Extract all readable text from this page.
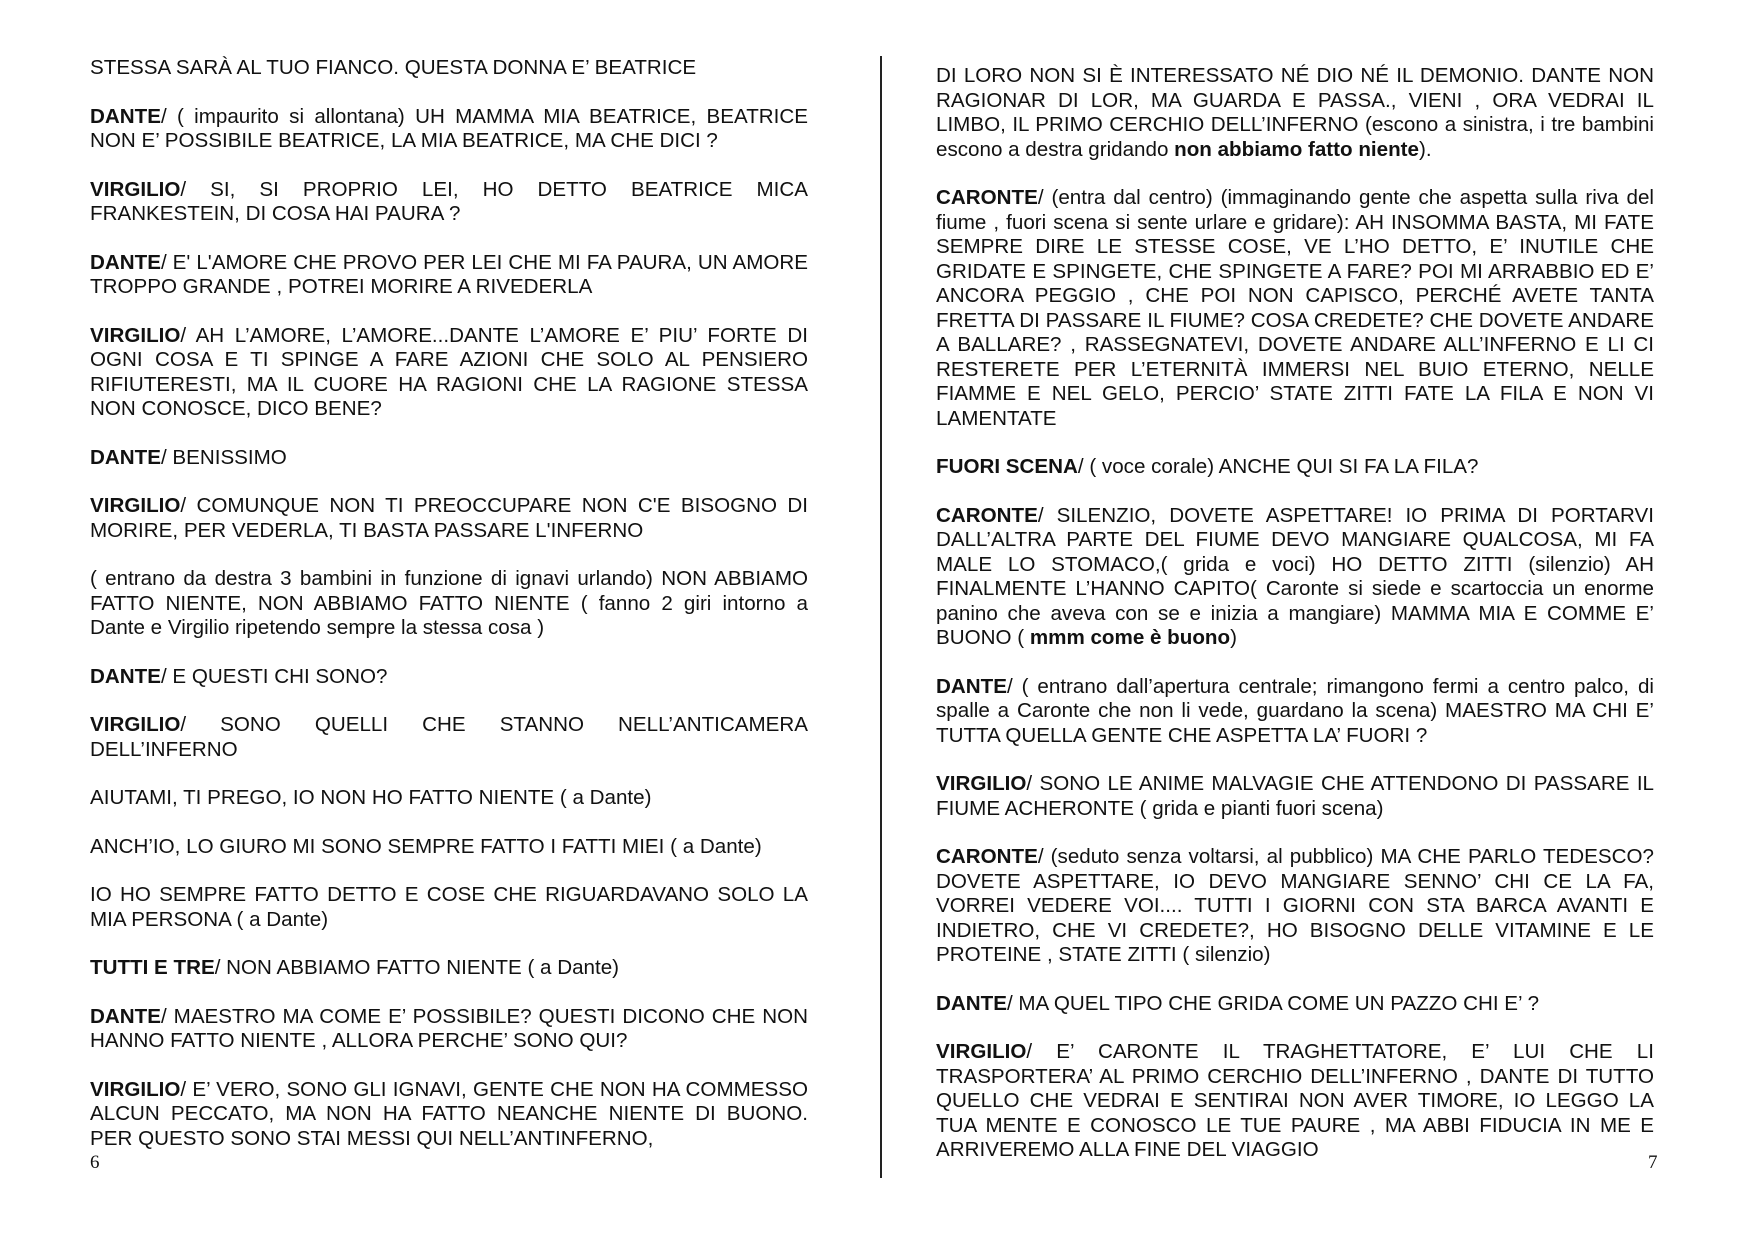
STESSA SARÀ AL TUO FIANCO. QUESTA DONNA E’ BEATRICE

DANTE/ ( impaurito si allontana) UH MAMMA MIA BEATRICE, BEATRICE NON E’ POSSIBILE BEATRICE, LA MIA BEATRICE, MA CHE DICI ?

VIRGILIO/ SI, SI PROPRIO LEI, HO DETTO BEATRICE MICA FRANKESTEIN, DI COSA HAI PAURA ?

DANTE/ E' L'AMORE CHE PROVO PER LEI CHE MI FA PAURA, UN AMORE TROPPO GRANDE , POTREI MORIRE A RIVEDERLA

VIRGILIO/ AH L’AMORE, L’AMORE...DANTE L’AMORE E’ PIU’ FORTE DI OGNI COSA E TI SPINGE A FARE AZIONI CHE SOLO AL PENSIERO RIFIUTERESTI, MA IL CUORE HA RAGIONI CHE LA RAGIONE STESSA NON CONOSCE, DICO BENE?

DANTE/ BENISSIMO

VIRGILIO/ COMUNQUE NON TI PREOCCUPARE NON C'E BISOGNO DI MORIRE, PER VEDERLA, TI BASTA PASSARE L'INFERNO

( entrano da destra 3 bambini in funzione di ignavi urlando) NON ABBIAMO FATTO NIENTE, NON ABBIAMO FATTO NIENTE ( fanno 2 giri intorno a Dante e Virgilio ripetendo sempre la stessa cosa )

DANTE/ E QUESTI CHI SONO?

VIRGILIO/ SONO QUELLI CHE STANNO NELL’ANTICAMERA DELL’INFERNO

AIUTAMI, TI PREGO, IO NON HO FATTO NIENTE ( a Dante)

ANCH’IO, LO GIURO MI SONO SEMPRE FATTO I FATTI MIEI ( a Dante)

IO HO SEMPRE FATTO DETTO E COSE CHE RIGUARDAVANO SOLO LA MIA PERSONA ( a Dante)

TUTTI E TRE/ NON ABBIAMO FATTO NIENTE ( a Dante)

DANTE/ MAESTRO MA COME E’ POSSIBILE? QUESTI DICONO CHE NON HANNO FATTO NIENTE , ALLORA PERCHE’ SONO QUI?

VIRGILIO/ E’ VERO, SONO GLI IGNAVI, GENTE CHE NON HA COMMESSO ALCUN PECCATO, MA NON HA FATTO NEANCHE NIENTE DI BUONO. PER QUESTO SONO STAI MESSI QUI NELL’ANTINFERNO,

6

DI LORO NON SI È INTERESSATO NÉ DIO NÉ IL DEMONIO. DANTE NON RAGIONAR DI LOR, MA GUARDA E PASSA., VIENI , ORA VEDRAI IL LIMBO, IL PRIMO CERCHIO DELL’INFERNO (escono a sinistra, i tre bambini escono a destra gridando non abbiamo fatto niente).

CARONTE/ (entra dal centro) (immaginando gente che aspetta sulla riva del fiume , fuori scena si sente urlare e gridare): AH INSOMMA BASTA, MI FATE SEMPRE DIRE LE STESSE COSE, VE L’HO DETTO, E’ INUTILE CHE GRIDATE E SPINGETE, CHE SPINGETE A FARE? POI MI ARRABBIO ED E’ ANCORA PEGGIO , CHE POI NON CAPISCO, PERCHÉ AVETE TANTA FRETTA DI PASSARE IL FIUME? COSA CREDETE? CHE DOVETE ANDARE A BALLARE? , RASSEGNATEVI, DOVETE ANDARE ALL’INFERNO E LI CI RESTERETE PER L’ETERNITÀ IMMERSI NEL BUIO ETERNO, NELLE FIAMME E NEL GELO, PERCIO’ STATE ZITTI FATE LA FILA E NON VI LAMENTATE

FUORI SCENA/ ( voce corale) ANCHE QUI SI FA LA FILA?

CARONTE/ SILENZIO, DOVETE ASPETTARE! IO PRIMA DI PORTARVI DALL’ALTRA PARTE DEL FIUME DEVO MANGIARE QUALCOSA, MI FA MALE LO STOMACO,( grida e voci) HO DETTO ZITTI (silenzio) AH FINALMENTE L’HANNO CAPITO( Caronte si siede e scartoccia un enorme panino che aveva con se e inizia a mangiare) MAMMA MIA E COMME E’ BUONO ( mmm come è buono)

DANTE/ ( entrano dall’apertura centrale; rimangono fermi a centro palco, di spalle a Caronte che non li vede, guardano la scena) MAESTRO MA CHI E’ TUTTA QUELLA GENTE CHE ASPETTA LA’ FUORI ?

VIRGILIO/ SONO LE ANIME MALVAGIE CHE ATTENDONO DI PASSARE IL FIUME ACHERONTE ( grida e pianti fuori scena)

CARONTE/ (seduto senza voltarsi, al pubblico) MA CHE PARLO TEDESCO? DOVETE ASPETTARE, IO DEVO MANGIARE SENNO’ CHI CE LA FA, VORREI VEDERE VOI.... TUTTI I GIORNI CON STA BARCA AVANTI E INDIETRO, CHE VI CREDETE?, HO BISOGNO DELLE VITAMINE E LE PROTEINE , STATE ZITTI ( silenzio)

DANTE/ MA QUEL TIPO CHE GRIDA COME UN PAZZO CHI E’ ?

VIRGILIO/ E’ CARONTE IL TRAGHETTATORE, E’ LUI CHE LI TRASPORTERA’ AL PRIMO CERCHIO DELL’INFERNO , DANTE DI TUTTO QUELLO CHE VEDRAI E SENTIRAI NON AVER TIMORE, IO LEGGO LA TUA MENTE E CONOSCO LE TUE PAURE , MA ABBI FIDUCIA IN ME E ARRIVEREMO ALLA FINE DEL VIAGGIO

7
